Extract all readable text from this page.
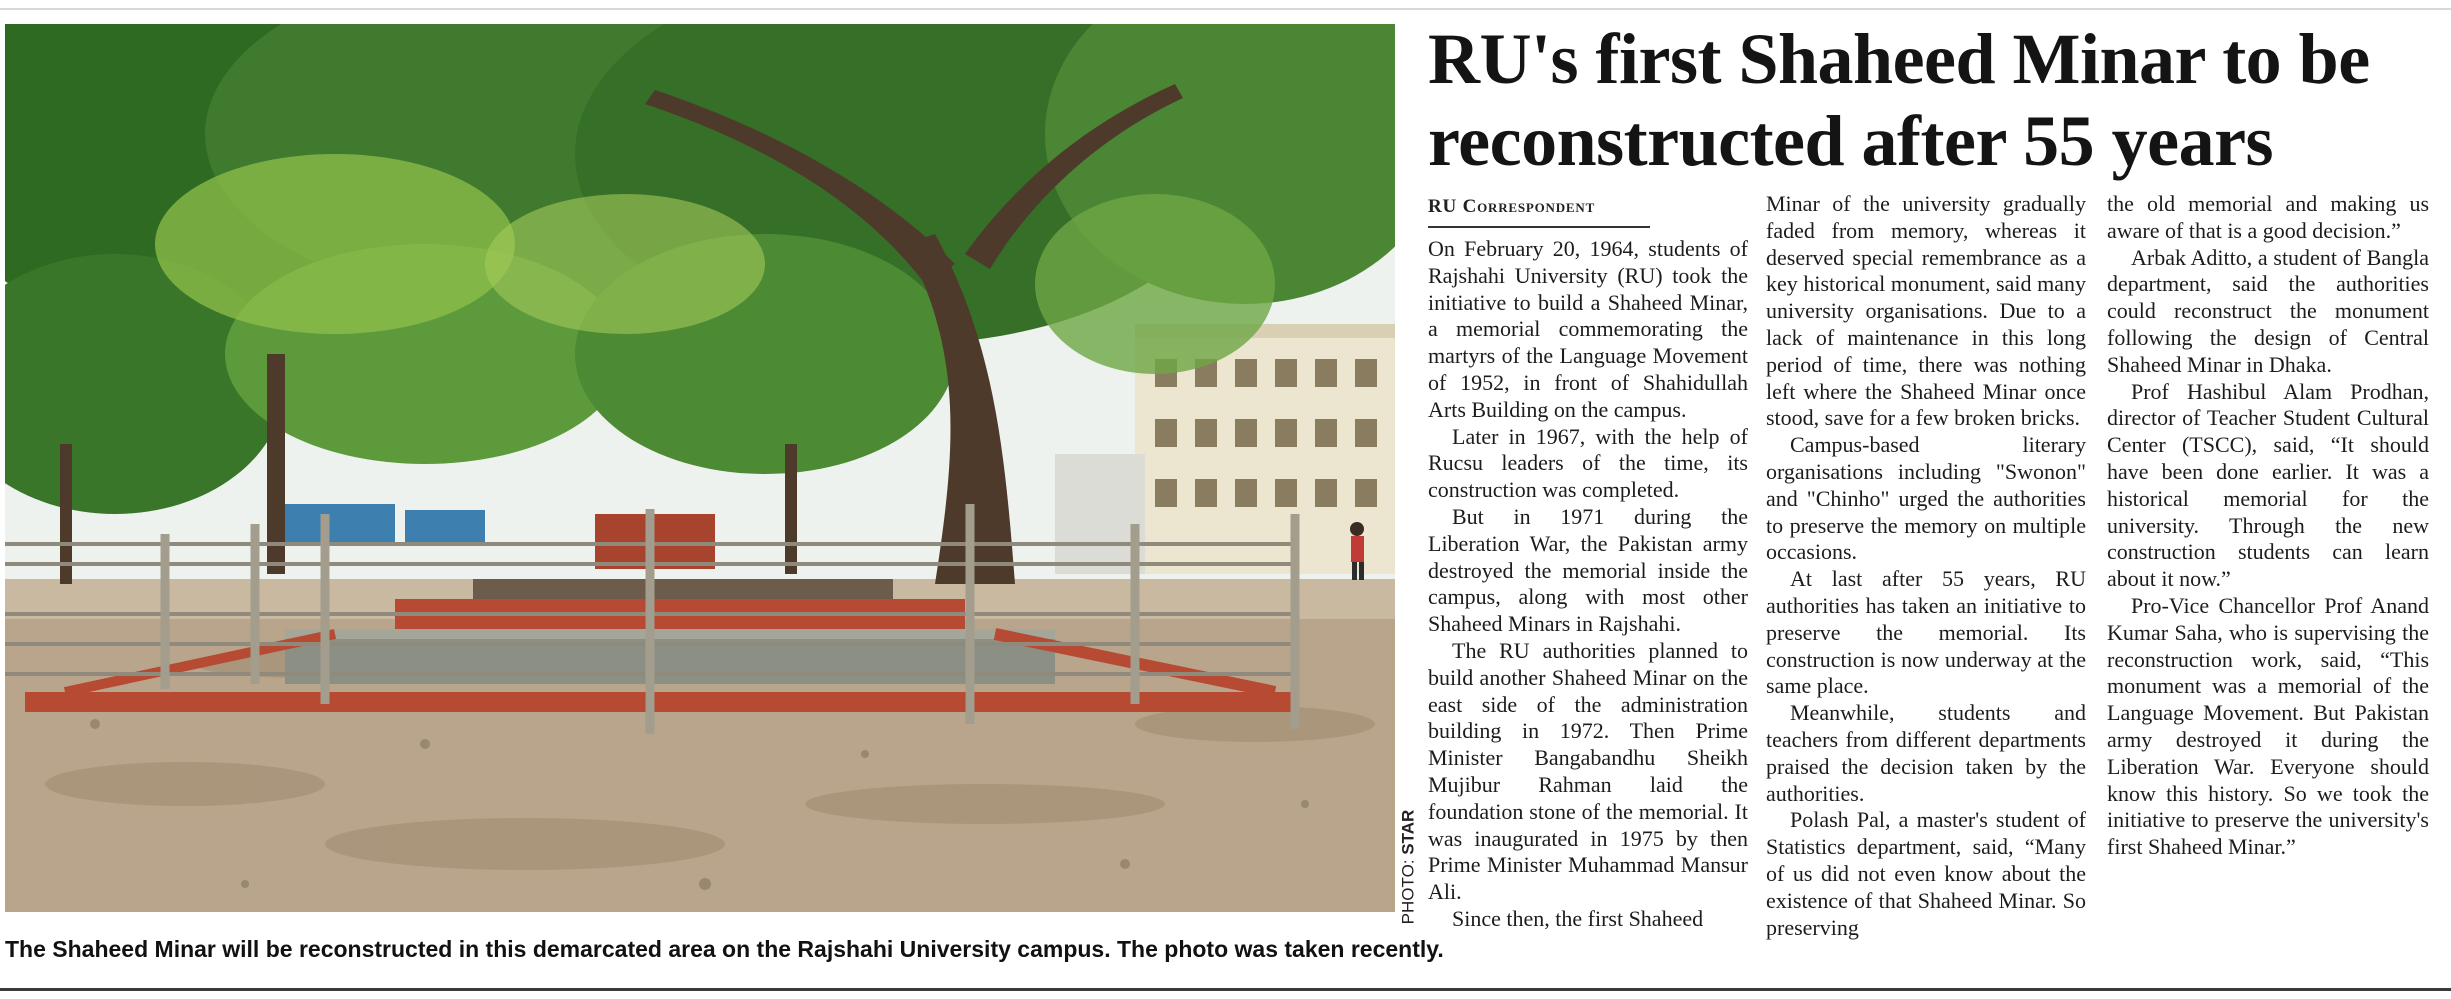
PHOTO: STAR
The Shaheed Minar will be reconstructed in this demarcated area on the Rajshahi University campus. The photo was taken recently.
RU's first Shaheed Minar to be
reconstructed after 55 years
RU Correspondent

On February 20, 1964, students of Rajshahi University (RU) took the initiative to build a Shaheed Minar, a memorial commemorating the martyrs of the Language Movement of 1952, in front of Shahidullah Arts Building on the campus.

Later in 1967, with the help of Rucsu leaders of the time, its construction was completed.

But in 1971 during the Liberation War, the Pakistan army destroyed the memorial inside the campus, along with most other Shaheed Minars in Rajshahi.

The RU authorities planned to build another Shaheed Minar on the east side of the administration building in 1972. Then Prime Minister Bangabandhu Sheikh Mujibur Rahman laid the foundation stone of the memorial. It was inaugurated in 1975 by then Prime Minister Muhammad Mansur Ali.

Since then, the first Shaheed

Minar of the university gradually faded from memory, whereas it deserved special remembrance as a key historical monument, said many university organisations. Due to a lack of maintenance in this long period of time, there was nothing left where the Shaheed Minar once stood, save for a few broken bricks.

Campus-based literary organisations including "Swonon" and "Chinho" urged the authorities to preserve the memory on multiple occasions.

At last after 55 years, RU authorities has taken an initiative to preserve the memorial. Its construction is now underway at the same place.

Meanwhile, students and teachers from different departments praised the decision taken by the authorities.

Polash Pal, a master's student of Statistics department, said, “Many of us did not even know about the existence of that Shaheed Minar. So preserving

the old memorial and making us aware of that is a good decision.”

Arbak Aditto, a student of Bangla department, said the authorities could reconstruct the monument following the design of Central Shaheed Minar in Dhaka.

Prof Hashibul Alam Prodhan, director of Teacher Student Cultural Center (TSCC), said, “It should have been done earlier. It was a historical memorial for the university. Through the new construction students can learn about it now.”

Pro-Vice Chancellor Prof Anand Kumar Saha, who is supervising the reconstruction work, said, “This monument was a memorial of the Language Movement. But Pakistan army destroyed it during the Liberation War. Everyone should know this history. So we took the initiative to preserve the university's first Shaheed Minar.”
